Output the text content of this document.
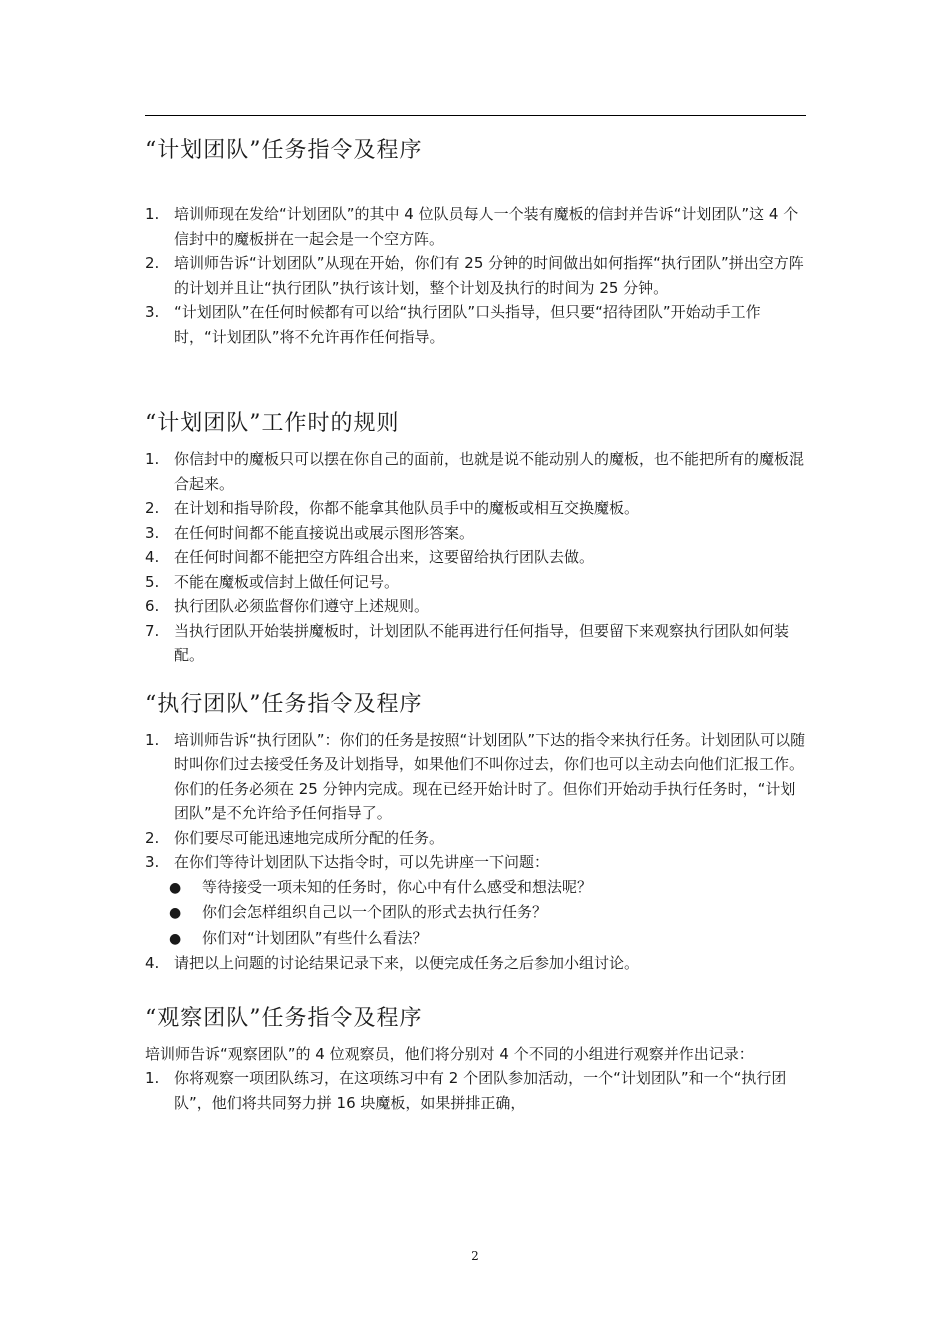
“计划团队”任务指令及程序
1. 培训师现在发给“计划团队”的其中 4 位队员每人一个装有魔板的信封并告诉“计划团队”这 4 个信封中的魔板拼在一起会是一个空方阵。
2. 培训师告诉“计划团队”从现在开始，你们有 25 分钟的时间做出如何指挥“执行团队”拼出空方阵的计划并且让“执行团队”执行该计划，整个计划及执行的时间为 25 分钟。
3. “计划团队”在任何时候都有可以给“执行团队”口头指导，但只要“招待团队”开始动手工作时，“计划团队”将不允许再作任何指导。
“计划团队”工作时的规则
1. 你信封中的魔板只可以摆在你自己的面前，也就是说不能动别人的魔板，也不能把所有的魔板混合起来。
2. 在计划和指导阶段，你都不能拿其他队员手中的魔板或相互交换魔板。
3. 在任何时间都不能直接说出或展示图形答案。
4. 在任何时间都不能把空方阵组合出来，这要留给执行团队去做。
5. 不能在魔板或信封上做任何记号。
6. 执行团队必须监督你们遵守上述规则。
7. 当执行团队开始装拼魔板时，计划团队不能再进行任何指导，但要留下来观察执行团队如何装配。
“执行团队”任务指令及程序
1. 培训师告诉“执行团队”：你们的任务是按照“计划团队”下达的指令来执行任务。计划团队可以随时叫你们过去接受任务及计划指导，如果他们不叫你过去，你们也可以主动去向他们汇报工作。你们的任务必须在 25 分钟内完成。现在已经开始计时了。但你们开始动手执行任务时，“计划团队”是不允许给予任何指导了。
2. 你们要尽可能迅速地完成所分配的任务。
3. 在你们等待计划团队下达指令时，可以先讲座一下问题：
● 等待接受一项未知的任务时，你心中有什么感受和想法呢？
● 你们会怎样组织自己以一个团队的形式去执行任务？
● 你们对“计划团队”有些什么看法？
4. 请把以上问题的讨论结果记录下来，以便完成任务之后参加小组讨论。
“观察团队”任务指令及程序

培训师告诉“观察团队”的 4 位观察员，他们将分别对 4 个不同的小组进行观察并作出记录：

1. 你将观察一项团队练习，在这项练习中有 2 个团队参加活动，一个“计划团队”和一个“执行团队”，他们将共同努力拼 16 块魔板，如果拼排正确，
2
